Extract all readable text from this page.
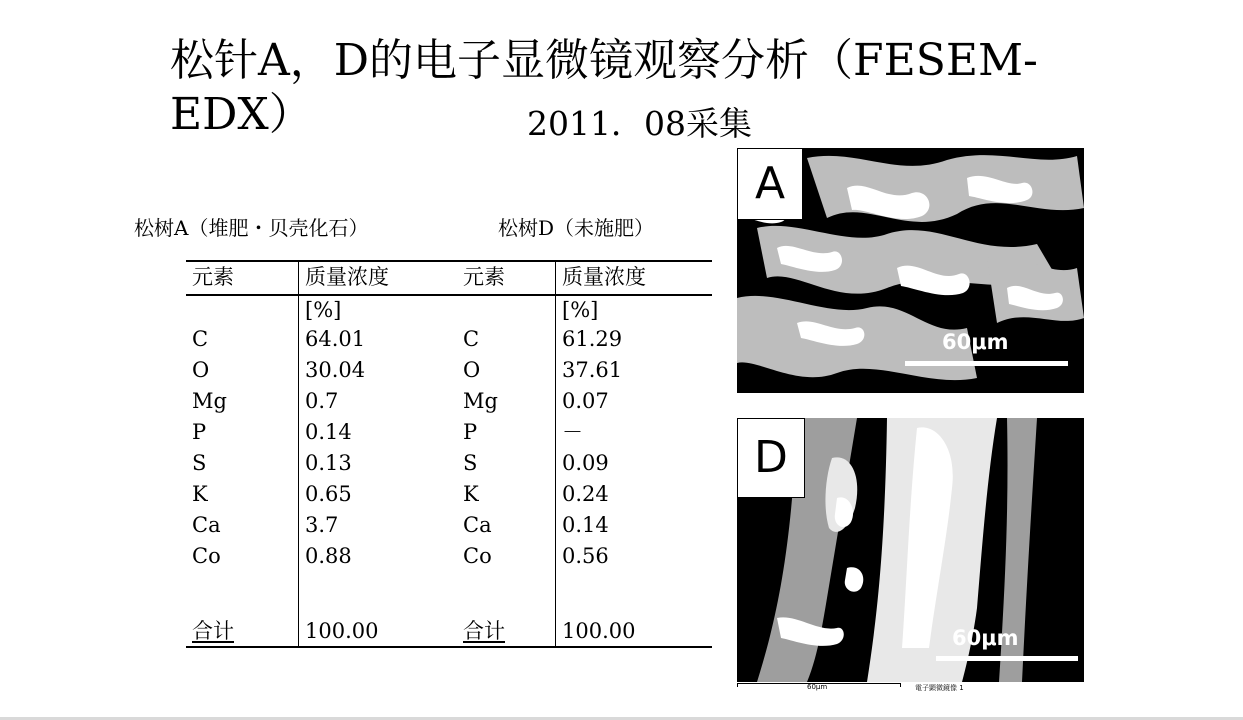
松针A，D的电子显微镜观察分析（FESEM-EDX）	2011．08采集
松树A（堆肥・贝壳化石）	松树D（未施肥）
元素	质量浓度	元素	质量浓度
	[%]		[%]
C	64.01	C	61.29
O	30.04	O	37.61
Mg	0.7	Mg	0.07
P	0.14	P	－
S	0.13	S	0.09
K	0.65	K	0.24
Ca	3.7	Ca	0.14
Co	0.88	Co	0.56

合计	100.00	合计	100.00
A
60μm
D
60μm
60μm	電子顕微鏡像 1
